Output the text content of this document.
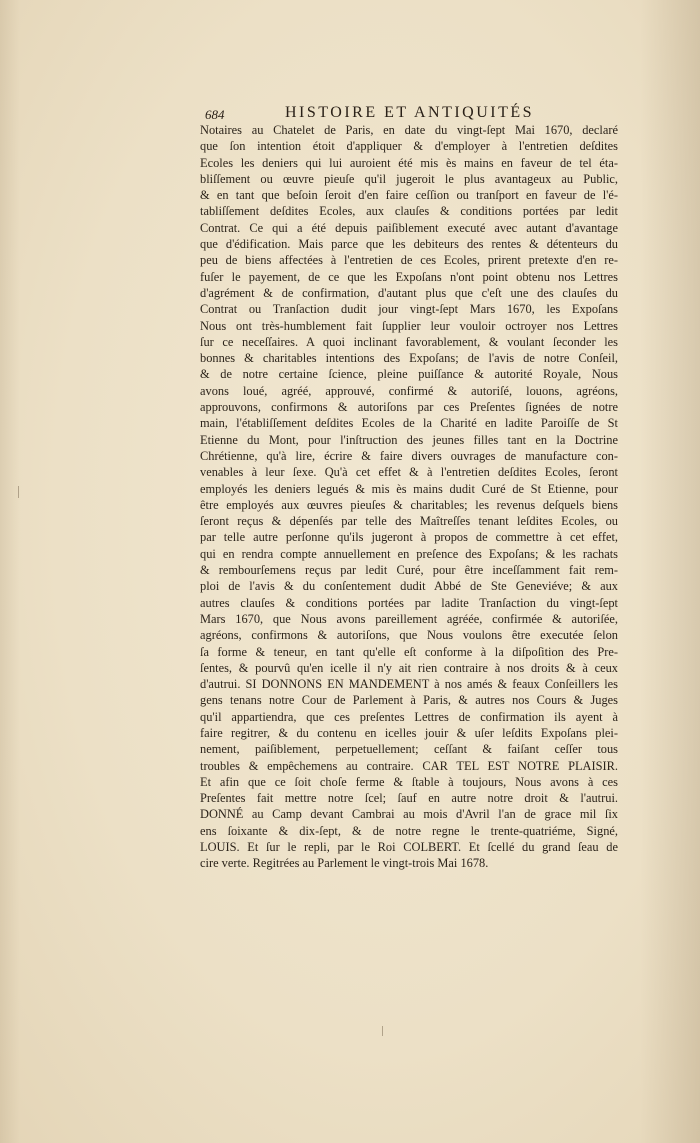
684	HISTOIRE ET ANTIQUITÉS
Notaires au Chatelet de Paris, en date du vingt-ſept Mai 1670, declaré
que ſon intention étoit d'appliquer & d'employer à l'entretien deſdites
Ecoles les deniers qui lui auroient été mis ès mains en faveur de tel éta-
bliſſement ou œuvre pieuſe qu'il jugeroit le plus avantageux au Public,
& en tant que beſoin ſeroit d'en faire ceſſion ou tranſport en faveur de l'é-
tabliſſement deſdites Ecoles, aux clauſes & conditions portées par ledit
Contrat. Ce qui a été depuis paiſiblement executé avec autant d'avantage
que d'édification. Mais parce que les debiteurs des rentes & détenteurs du
peu de biens affectées à l'entretien de ces Ecoles, prirent pretexte d'en re-
fuſer le payement, de ce que les Expoſans n'ont point obtenu nos Lettres
d'agrément & de confirmation, d'autant plus que c'eſt une des clauſes du
Contrat ou Tranſaction dudit jour vingt-ſept Mars 1670, les Expoſans
Nous ont très-humblement fait ſupplier leur vouloir octroyer nos Lettres
ſur ce neceſſaires. A quoi inclinant favorablement, & voulant ſeconder les
bonnes & charitables intentions des Expoſans; de l'avis de notre Conſeil,
& de notre certaine ſcience, pleine puiſſance & autorité Royale, Nous
avons loué, agréé, approuvé, confirmé & autoriſé, louons, agréons,
approuvons, confirmons & autoriſons par ces Preſentes ſignées de notre
main, l'établiſſement deſdites Ecoles de la Charité en ladite Paroiſſe de St
Etienne du Mont, pour l'inſtruction des jeunes filles tant en la Doctrine
Chrétienne, qu'à lire, écrire & faire divers ouvrages de manufacture con-
venables à leur ſexe. Qu'à cet effet & à l'entretien deſdites Ecoles, ſeront
employés les deniers legués & mis ès mains dudit Curé de St Etienne, pour
être employés aux œuvres pieuſes & charitables; les revenus deſquels biens
ſeront reçus & dépenſés par telle des Maîtreſſes tenant leſdites Ecoles, ou
par telle autre perſonne qu'ils jugeront à propos de commettre à cet effet,
qui en rendra compte annuellement en preſence des Expoſans; & les rachats
& rembourſemens reçus par ledit Curé, pour être inceſſamment fait rem-
ploi de l'avis & du conſentement dudit Abbé de Ste Geneviéve; & aux
autres clauſes & conditions portées par ladite Tranſaction du vingt-ſept
Mars 1670, que Nous avons pareillement agréée, confirmée & autoriſée,
agréons, confirmons & autoriſons, que Nous voulons être executée ſelon
ſa forme & teneur, en tant qu'elle eſt conforme à la diſpoſition des Pre-
ſentes, & pourvû qu'en icelle il n'y ait rien contraire à nos droits & à ceux
d'autrui. SI DONNONS EN MANDEMENT à nos amés & feaux Conſeillers les
gens tenans notre Cour de Parlement à Paris, & autres nos Cours & Juges
qu'il appartiendra, que ces preſentes Lettres de confirmation ils ayent à
faire regitrer, & du contenu en icelles jouir & uſer leſdits Expoſans plei-
nement, paiſiblement, perpetuellement; ceſſant & faiſant ceſſer tous
troubles & empêchemens au contraire. CAR TEL EST NOTRE PLAISIR.
Et afin que ce ſoit choſe ferme & ſtable à toujours, Nous avons à ces
Preſentes fait mettre notre ſcel; ſauf en autre notre droit & l'autrui.
DONNÉ au Camp devant Cambrai au mois d'Avril l'an de grace mil ſix
ens ſoixante & dix-ſept, & de notre regne le trente-quatriéme, Signé,
LOUIS. Et ſur le repli, par le Roi COLBERT. Et ſcellé du grand ſeau de
cire verte. Regitrées au Parlement le vingt-trois Mai 1678.
